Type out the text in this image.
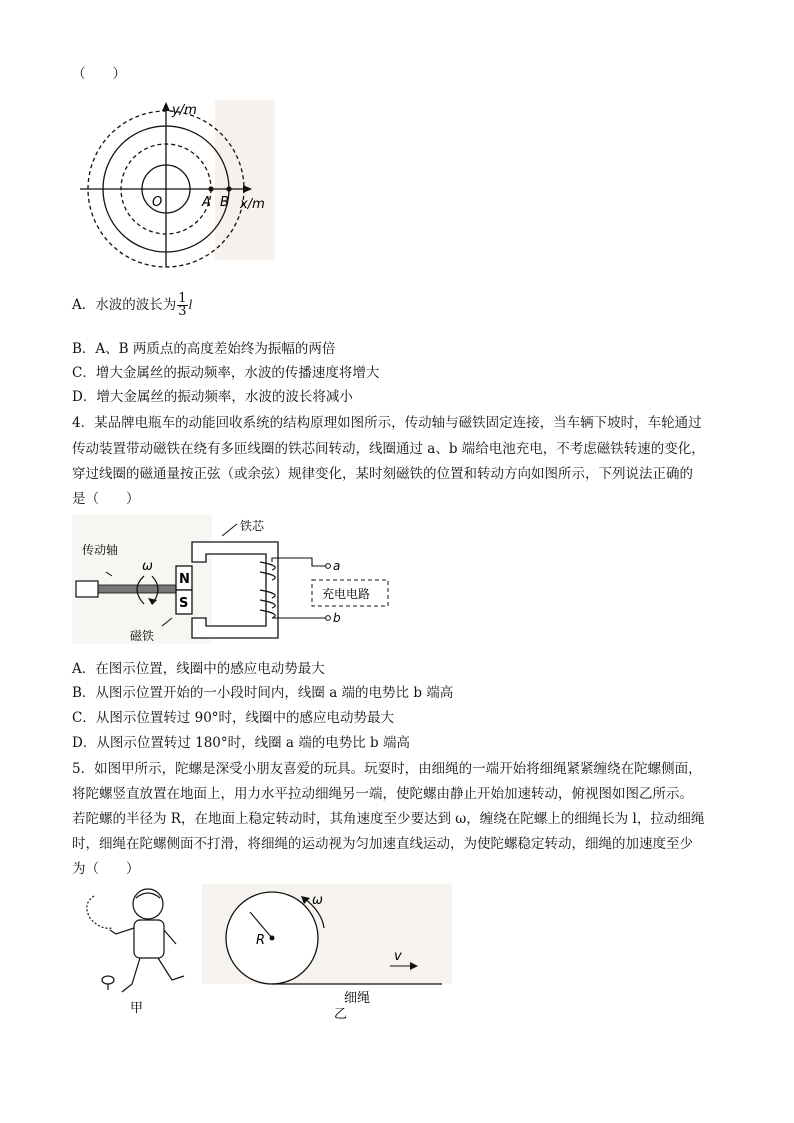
（　　）
y/m
x/m
O	A B
A．水波的波长为 $\frac{1}{3}$ l
B．A、B 两质点的高度差始终为振幅的两倍
C．增大金属丝的振动频率，水波的传播速度将增大
D．增大金属丝的振动频率，水波的波长将减小
4．某品牌电瓶车的动能回收系统的结构原理如图所示，传动轴与磁铁固定连接，当车辆下坡时，车轮通过
传动装置带动磁铁在绕有多匝线圈的铁芯间转动，线圈通过 a、b 端给电池充电，不考虑磁铁转速的变化，
穿过线圈的磁通量按正弦（或余弦）规律变化，某时刻磁铁的位置和转动方向如图所示，下列说法正确的
是（　　）
传动轴
ω
铁芯
N
S
磁铁
a
b
充电电路
A．在图示位置，线圈中的感应电动势最大
B．从图示位置开始的一小段时间内，线圈 a 端的电势比 b 端高
C．从图示位置转过 90°时，线圈中的感应电动势最大
D．从图示位置转过 180°时，线圈 a 端的电势比 b 端高
5．如图甲所示，陀螺是深受小朋友喜爱的玩具。玩耍时，由细绳的一端开始将细绳紧紧缠绕在陀螺侧面，
将陀螺竖直放置在地面上，用力水平拉动细绳另一端，使陀螺由静止开始加速转动，俯视图如图乙所示。
若陀螺的半径为 R，在地面上稳定转动时，其角速度至少要达到 ω，缠绕在陀螺上的细绳长为 l，拉动细绳
时，细绳在陀螺侧面不打滑，将细绳的运动视为匀加速直线运动，为使陀螺稳定转动，细绳的加速度至少
为（　　）
甲
R
ω
v
细绳
乙
